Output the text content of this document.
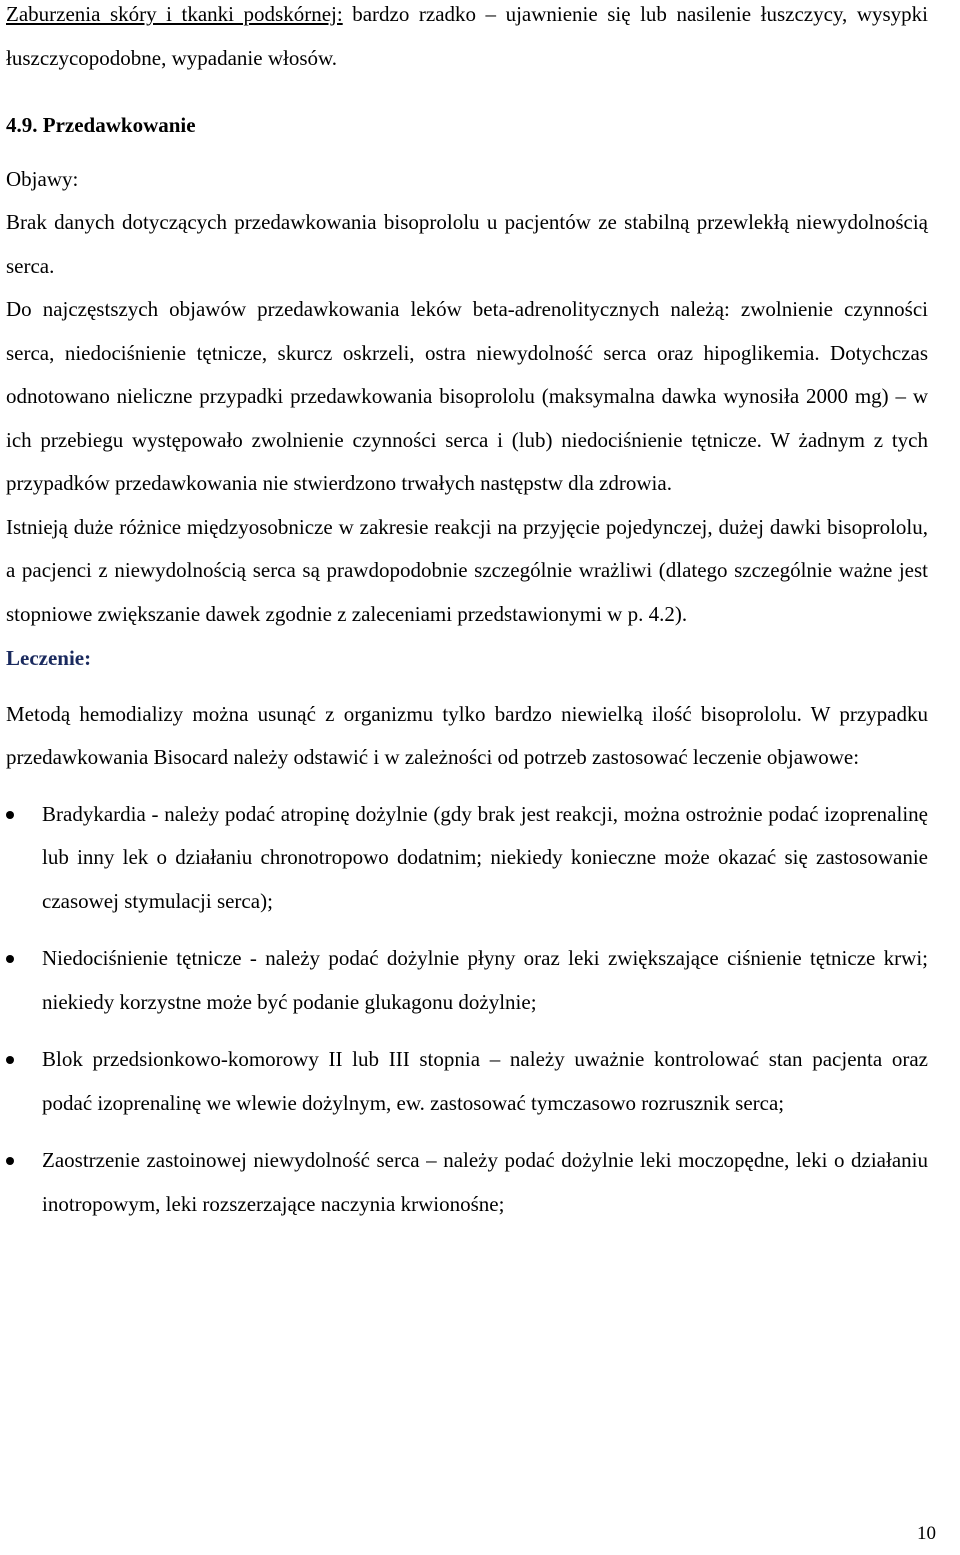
Zaburzenia skóry i tkanki podskórnej: bardzo rzadko – ujawnienie się lub nasilenie łuszczycy, wysypki łuszczycopodobne, wypadanie włosów.

4.9. Przedawkowanie

Objawy:

Brak danych dotyczących przedawkowania bisoprololu u pacjentów ze stabilną przewlekłą niewydolnością serca.

Do najczęstszych objawów przedawkowania leków beta-adrenolitycznych należą: zwolnienie czynności serca, niedociśnienie tętnicze, skurcz oskrzeli, ostra niewydolność serca oraz hipoglikemia. Dotychczas odnotowano nieliczne przypadki przedawkowania bisoprololu (maksymalna dawka wynosiła 2000 mg) – w ich przebiegu występowało zwolnienie czynności serca i (lub) niedociśnienie tętnicze. W żadnym z tych przypadków przedawkowania nie stwierdzono trwałych następstw dla zdrowia.

Istnieją duże różnice międzyosobnicze w zakresie reakcji na przyjęcie pojedynczej, dużej dawki bisoprololu, a pacjenci z niewydolnością serca są prawdopodobnie szczególnie wrażliwi (dlatego szczególnie ważne jest stopniowe zwiększanie dawek zgodnie z zaleceniami przedstawionymi w p. 4.2).

Leczenie:

Metodą hemodializy można usunąć z organizmu tylko bardzo niewielką ilość bisoprololu. W przypadku przedawkowania Bisocard należy odstawić i w zależności od potrzeb zastosować leczenie objawowe:

Bradykardia - należy podać atropinę dożylnie (gdy brak jest reakcji, można ostrożnie podać izoprenalinę lub inny lek o działaniu chronotropowo dodatnim; niekiedy konieczne może okazać się zastosowanie czasowej stymulacji serca);
Niedociśnienie tętnicze - należy podać dożylnie płyny oraz leki zwiększające ciśnienie tętnicze krwi; niekiedy korzystne może być podanie glukagonu dożylnie;
Blok przedsionkowo-komorowy II lub III stopnia – należy uważnie kontrolować stan pacjenta oraz podać izoprenalinę we wlewie dożylnym, ew. zastosować tymczasowo rozrusznik serca;
Zaostrzenie zastoinowej niewydolność serca – należy podać dożylnie leki moczopędne, leki o działaniu inotropowym, leki rozszerzające naczynia krwionośne;
10
